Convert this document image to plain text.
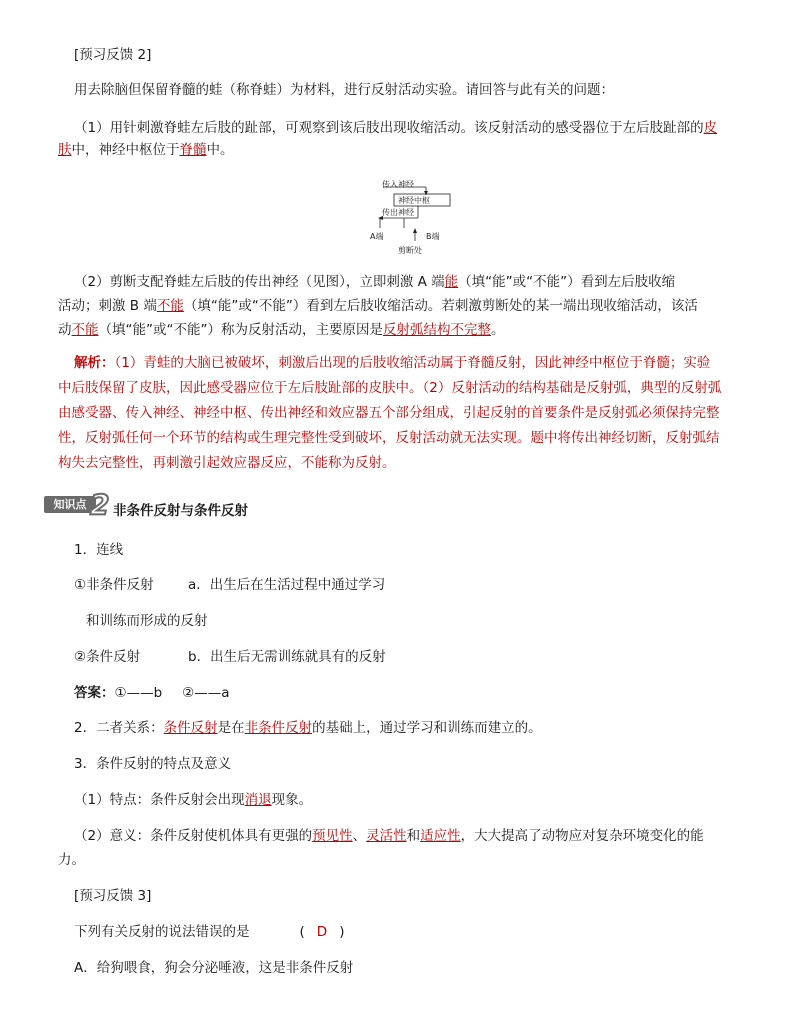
[预习反馈 2]
用去除脑但保留脊髓的蛙（称脊蛙）为材料，进行反射活动实验。请回答与此有关的问题：
（1）用针刺激脊蛙左后肢的趾部，可观察到该后肢出现收缩活动。该反射活动的感受器位于左后肢趾部的皮
肤中，神经中枢位于脊髓中。
传入神经
神经中枢
传出神经
A端	B端
剪断处
（2）剪断支配脊蛙左后肢的传出神经（见图），立即刺激 A 端能（填“能”或“不能”）看到左后肢收缩
活动；刺激 B 端不能（填“能”或“不能”）看到左后肢收缩活动。若刺激剪断处的某一端出现收缩活动，该活
动不能（填“能”或“不能”）称为反射活动，主要原因是反射弧结构不完整。
解析：（1）青蛙的大脑已被破坏，刺激后出现的后肢收缩活动属于脊髓反射，因此神经中枢位于脊髓；实验
中后肢保留了皮肤，因此感受器应位于左后肢趾部的皮肤中。（2）反射活动的结构基础是反射弧，典型的反射弧
由感受器、传入神经、神经中枢、传出神经和效应器五个部分组成，引起反射的首要条件是反射弧必须保持完整
性，反射弧任何一个环节的结构或生理完整性受到破坏，反射活动就无法实现。题中将传出神经切断，反射弧结
构失去完整性，再刺激引起效应器反应，不能称为反射。
知识点 2 非条件反射与条件反射
1．连线
①非条件反射	a．出生后在生活过程中通过学习
和训练而形成的反射
②条件反射	b．出生后无需训练就具有的反射
答案：①——b ②——a
2．二者关系：条件反射是在非条件反射的基础上，通过学习和训练而建立的。
3．条件反射的特点及意义
（1）特点：条件反射会出现消退现象。
（2）意义：条件反射使机体具有更强的预见性、灵活性和适应性，大大提高了动物应对复杂环境变化的能
力。
[预习反馈 3]
下列有关反射的说法错误的是	( D )
A．给狗喂食，狗会分泌唾液，这是非条件反射
